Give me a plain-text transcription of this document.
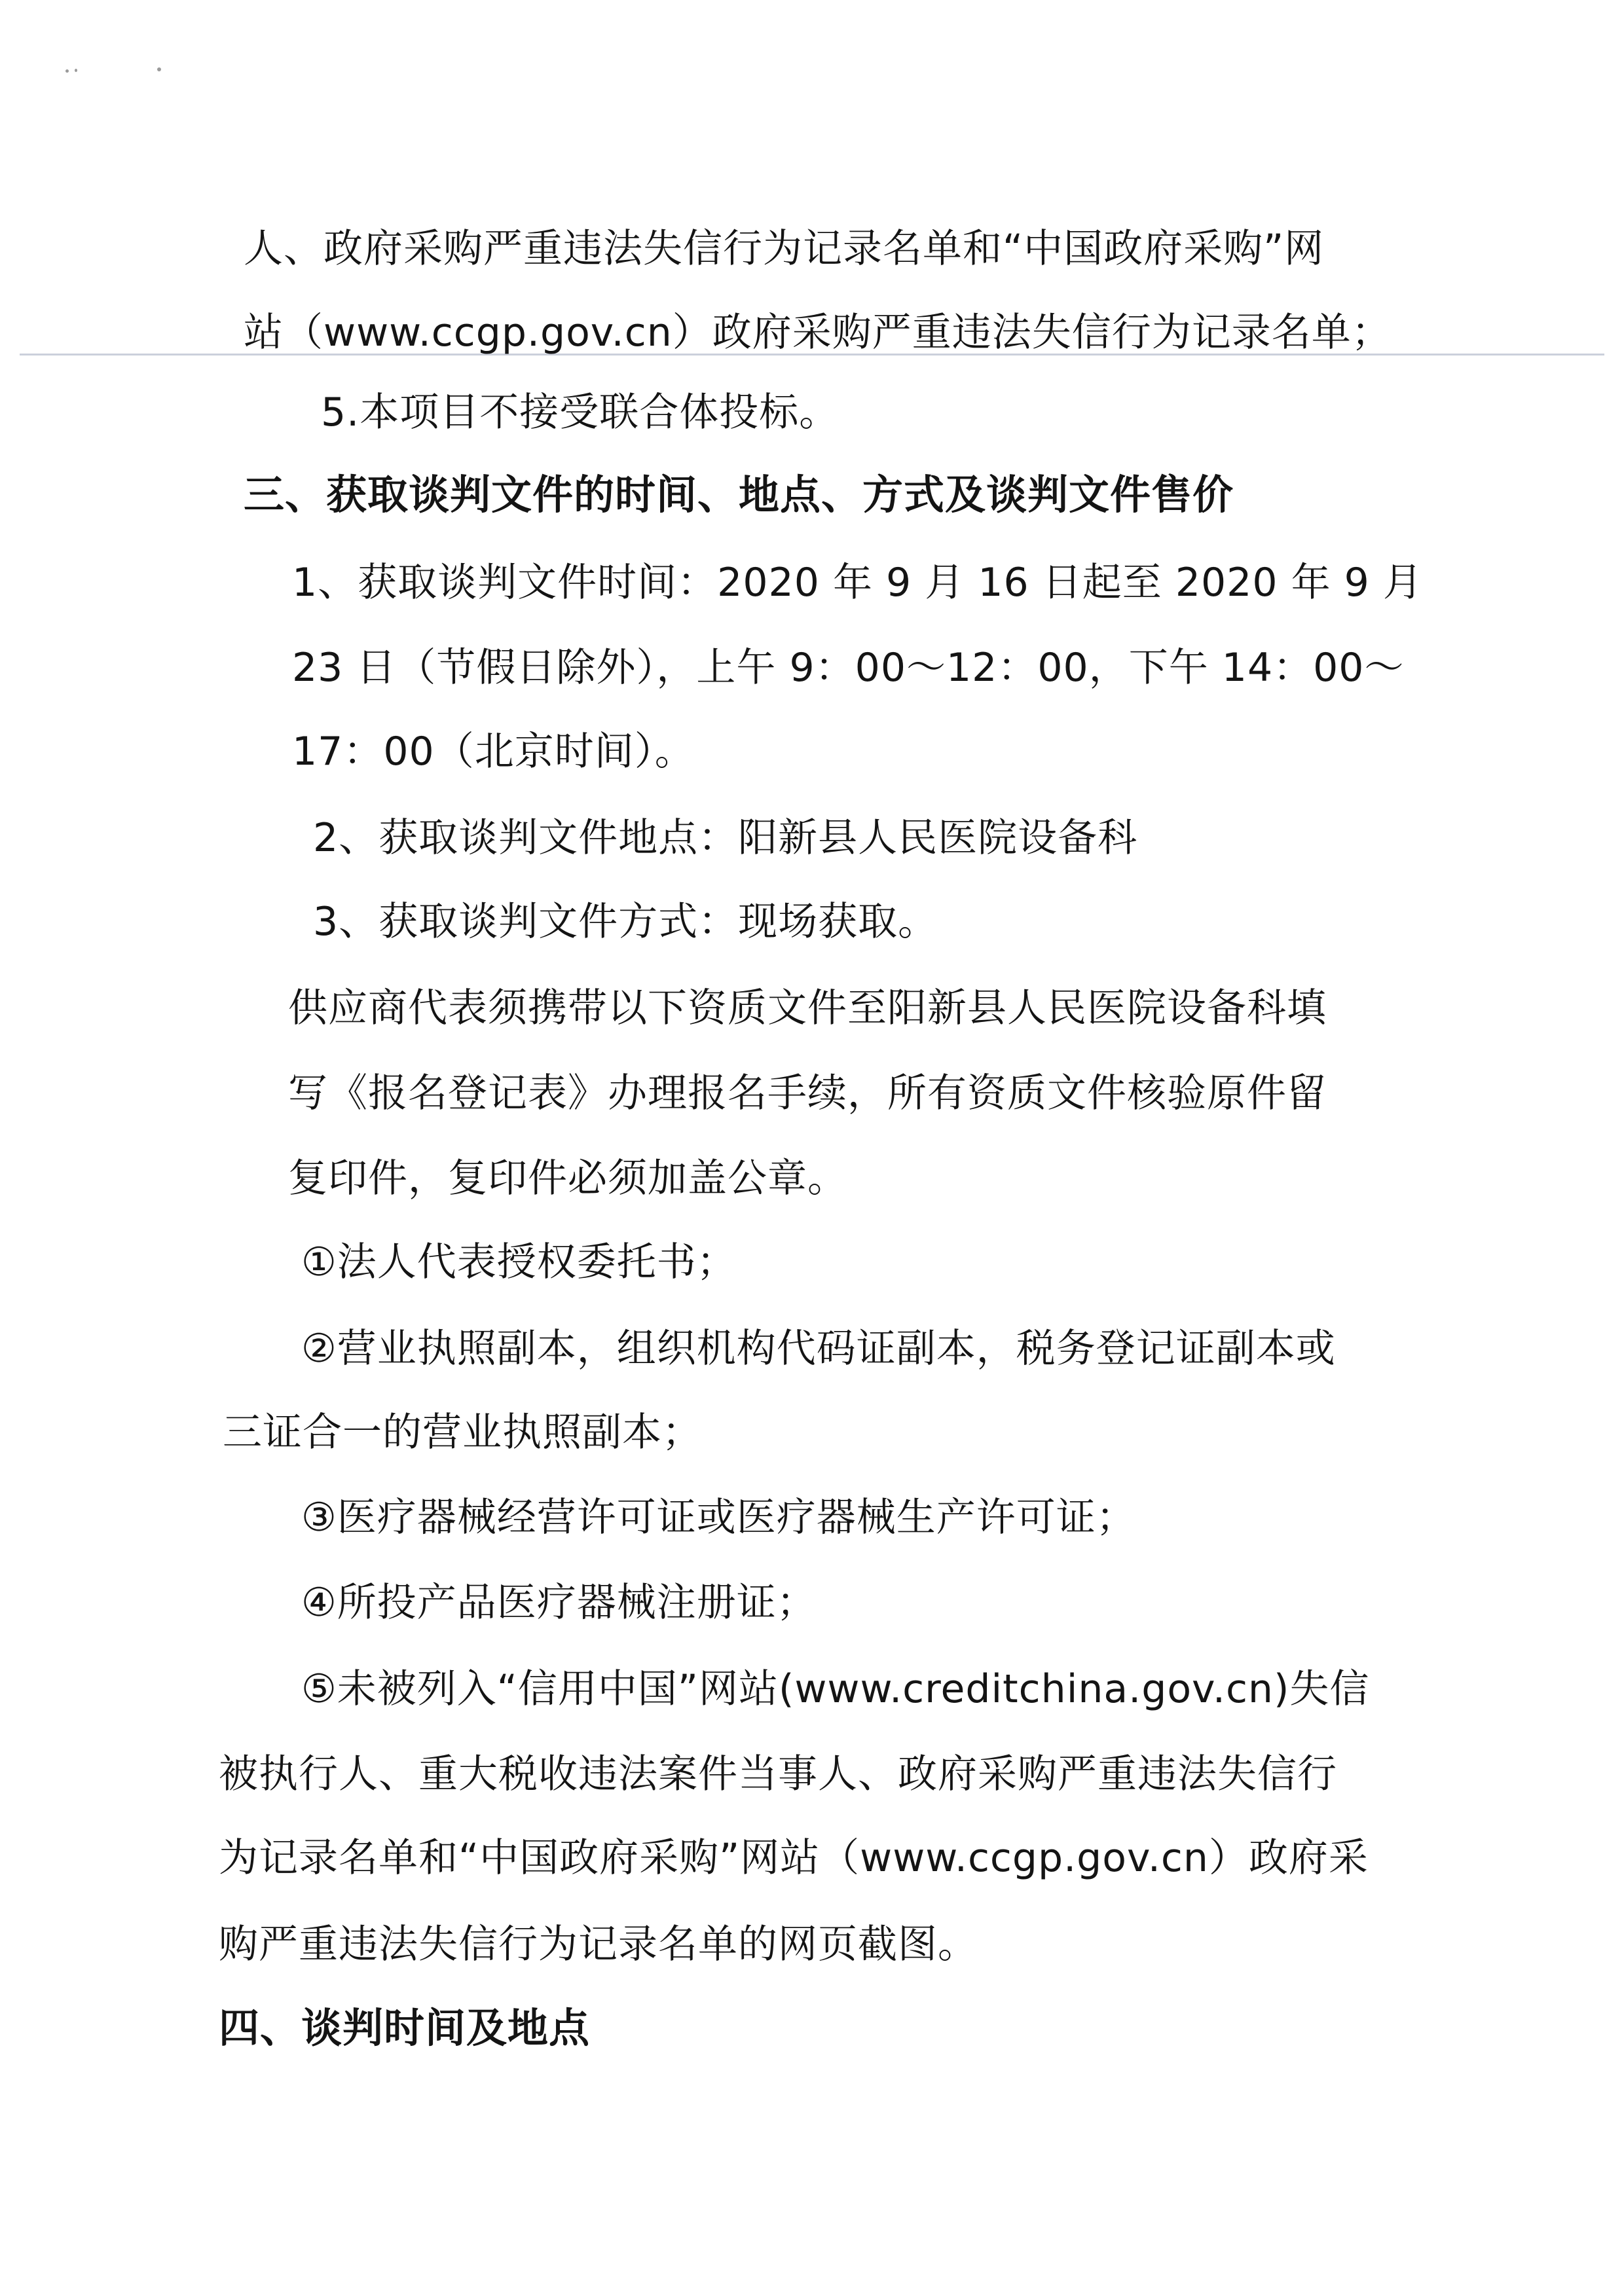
人、政府采购严重违法失信行为记录名单和“中国政府采购”网
站（www.ccgp.gov.cn）政府采购严重违法失信行为记录名单；
5.本项目不接受联合体投标。
三、获取谈判文件的时间、地点、方式及谈判文件售价
1、获取谈判文件时间：2020 年 9 月 16 日起至 2020 年 9 月
23 日（节假日除外），上午 9：00～12：00，下午 14：00～
17：00（北京时间）。
2、获取谈判文件地点：阳新县人民医院设备科
3、获取谈判文件方式：现场获取。
供应商代表须携带以下资质文件至阳新县人民医院设备科填
写《报名登记表》办理报名手续，所有资质文件核验原件留
复印件，复印件必须加盖公章。
①法人代表授权委托书；
②营业执照副本，组织机构代码证副本，税务登记证副本或
三证合一的营业执照副本；
③医疗器械经营许可证或医疗器械生产许可证；
④所投产品医疗器械注册证；
⑤未被列入“信用中国”网站(www.creditchina.gov.cn)失信
被执行人、重大税收违法案件当事人、政府采购严重违法失信行
为记录名单和“中国政府采购”网站（www.ccgp.gov.cn）政府采
购严重违法失信行为记录名单的网页截图。
四、谈判时间及地点
